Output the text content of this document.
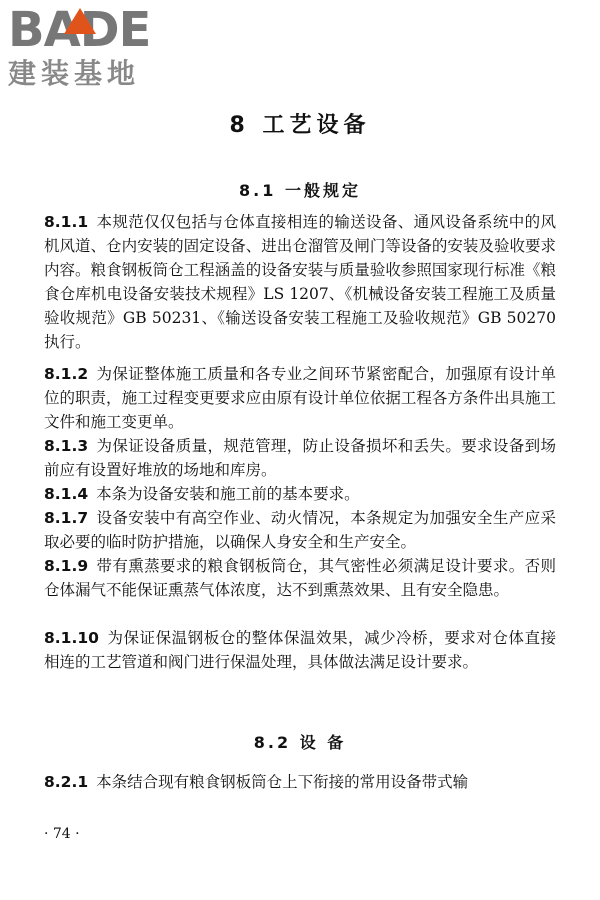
BADE
建装基地
8 工艺设备
8.1 一般规定
8.1.1 本规范仅仅包括与仓体直接相连的输送设备、通风设备系统中的风机风道、仓内安装的固定设备、进出仓溜管及闸门等设备的安装及验收要求内容。粮食钢板筒仓工程涵盖的设备安装与质量验收参照国家现行标准《粮食仓库机电设备安装技术规程》LS 1207、《机械设备安装工程施工及质量验收规范》GB 50231、《输送设备安装工程施工及验收规范》GB 50270 执行。
8.1.2 为保证整体施工质量和各专业之间环节紧密配合，加强原有设计单位的职责，施工过程变更要求应由原有设计单位依据工程各方条件出具施工文件和施工变更单。
8.1.3 为保证设备质量，规范管理，防止设备损坏和丢失。要求设备到场前应有设置好堆放的场地和库房。
8.1.4 本条为设备安装和施工前的基本要求。
8.1.7 设备安装中有高空作业、动火情况，本条规定为加强安全生产应采取必要的临时防护措施，以确保人身安全和生产安全。
8.1.9 带有熏蒸要求的粮食钢板筒仓，其气密性必须满足设计要求。否则仓体漏气不能保证熏蒸气体浓度，达不到熏蒸效果、且有安全隐患。
8.1.10 为保证保温钢板仓的整体保温效果，减少冷桥，要求对仓体直接相连的工艺管道和阀门进行保温处理，具体做法满足设计要求。
8.2 设 备
8.2.1 本条结合现有粮食钢板筒仓上下衔接的常用设备带式输
· 74 ·
